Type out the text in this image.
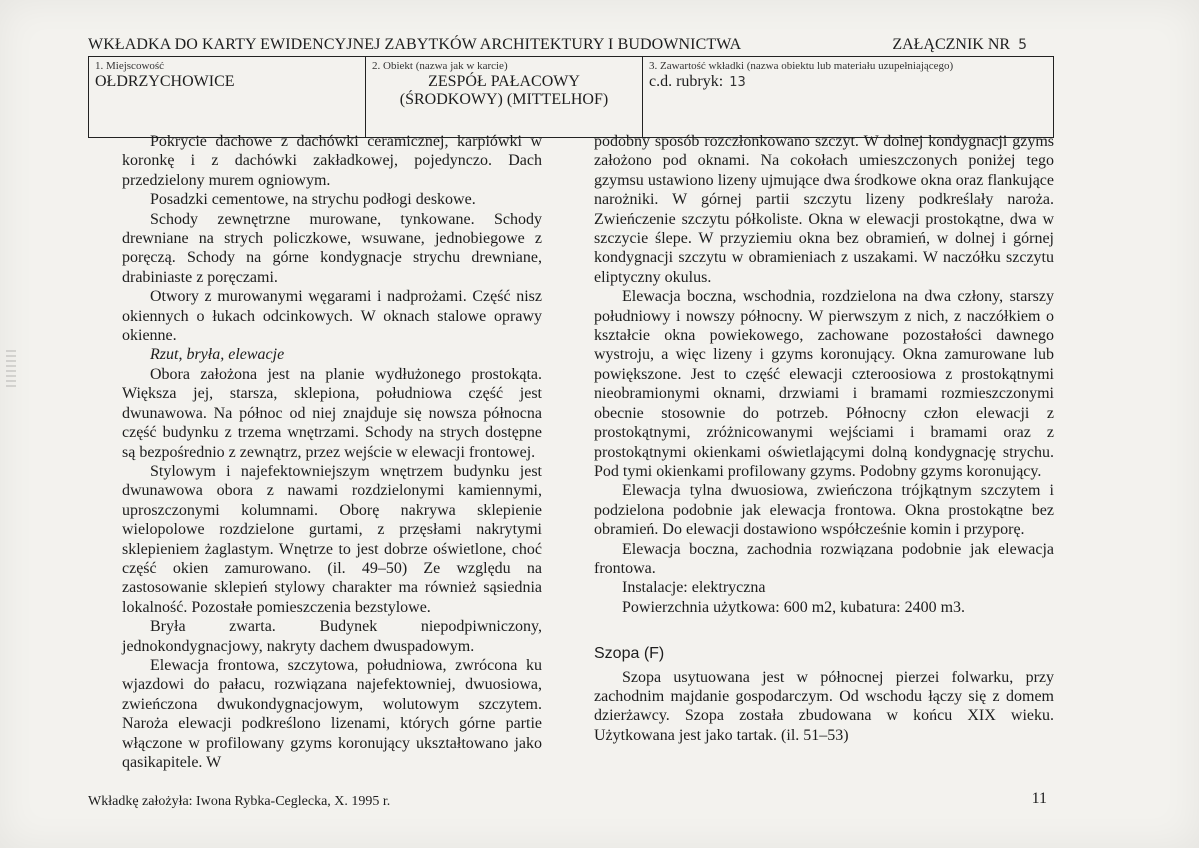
WKŁADKA DO KARTY EWIDENCYJNEJ ZABYTKÓW ARCHITEKTURY I BUDOWNICTWA	ZAŁĄCZNIK NR 5
1. Miejscowość
OŁDRZYCHOWICE
2. Obiekt (nazwa jak w karcie)
ZESPÓŁ PAŁACOWY
(ŚRODKOWY) (MITTELHOF)
3. Zawartość wkładki (nazwa obiektu lub materiału uzupełniającego)
c.d. rubryk: 13

Pokrycie dachowe z dachówki ceramicznej, karpiówki w koronkę i z dachówki zakładkowej, pojedynczo. Dach przedzielony murem ogniowym.

Posadzki cementowe, na strychu podłogi deskowe.

Schody zewnętrzne murowane, tynkowane. Schody drewniane na strych policzkowe, wsuwane, jednobiegowe z poręczą. Schody na górne kondygnacje strychu drewniane, drabiniaste z poręczami.

Otwory z murowanymi węgarami i nadprożami. Część nisz okiennych o łukach odcinkowych. W oknach stalowe oprawy okienne.

Rzut, bryła, elewacje

Obora założona jest na planie wydłużonego prostokąta. Większa jej, starsza, sklepiona, południowa część jest dwunawowa. Na północ od niej znajduje się nowsza północna część budynku z trzema wnętrzami. Schody na strych dostępne są bezpośrednio z zewnątrz, przez wejście w elewacji frontowej.

Stylowym i najefektowniejszym wnętrzem budynku jest dwunawowa obora z nawami rozdzielonymi kamiennymi, uproszczonymi kolumnami. Oborę nakrywa sklepienie wielopolowe rozdzielone gurtami, z przęsłami nakrytymi sklepieniem żaglastym. Wnętrze to jest dobrze oświetlone, choć część okien zamurowano. (il. 49–50) Ze względu na zastosowanie sklepień stylowy charakter ma również sąsiednia lokalność. Pozostałe pomieszczenia bezstylowe.

Bryła zwarta. Budynek niepodpiwniczony, jednokondygnacjowy, nakryty dachem dwuspadowym.

Elewacja frontowa, szczytowa, południowa, zwrócona ku wjazdowi do pałacu, rozwiązana najefektowniej, dwuosiowa, zwieńczona dwukondygnacjowym, wolutowym szczytem. Naroża elewacji podkreślono lizenami, których górne partie włączone w profilowany gzyms koronujący ukształtowano jako qasikapitele. W

podobny sposób rozczłonkowano szczyt. W dolnej kondygnacji gzyms założono pod oknami. Na cokołach umieszczonych poniżej tego gzymsu ustawiono lizeny ujmujące dwa środkowe okna oraz flankujące narożniki. W górnej partii szczytu lizeny podkreślały naroża. Zwieńczenie szczytu półkoliste. Okna w elewacji prostokątne, dwa w szczycie ślepe. W przyziemiu okna bez obramień, w dolnej i górnej kondygnacji szczytu w obramieniach z uszakami. W naczółku szczytu eliptyczny okulus.

Elewacja boczna, wschodnia, rozdzielona na dwa człony, starszy południowy i nowszy północny. W pierwszym z nich, z naczółkiem o kształcie okna powiekowego, zachowane pozostałości dawnego wystroju, a więc lizeny i gzyms koronujący. Okna zamurowane lub powiększone. Jest to część elewacji czteroosiowa z prostokątnymi nieobramionymi oknami, drzwiami i bramami rozmieszczonymi obecnie stosownie do potrzeb. Północny człon elewacji z prostokątnymi, zróżnicowanymi wejściami i bramami oraz z prostokątnymi okienkami oświetlającymi dolną kondygnację strychu. Pod tymi okienkami profilowany gzyms. Podobny gzyms koronujący.

Elewacja tylna dwuosiowa, zwieńczona trójkątnym szczytem i podzielona podobnie jak elewacja frontowa. Okna prostokątne bez obramień. Do elewacji dostawiono współcześnie komin i przyporę.

Elewacja boczna, zachodnia rozwiązana podobnie jak elewacja frontowa.

Instalacje: elektryczna

Powierzchnia użytkowa: 600 m2, kubatura: 2400 m3.

Szopa (F)

Szopa usytuowana jest w północnej pierzei folwarku, przy zachodnim majdanie gospodarczym. Od wschodu łączy się z domem dzierżawcy. Szopa została zbudowana w końcu XIX wieku. Użytkowana jest jako tartak. (il. 51–53)

Wkładkę założyła: Iwona Rybka-Ceglecka, X. 1995 r.	11
